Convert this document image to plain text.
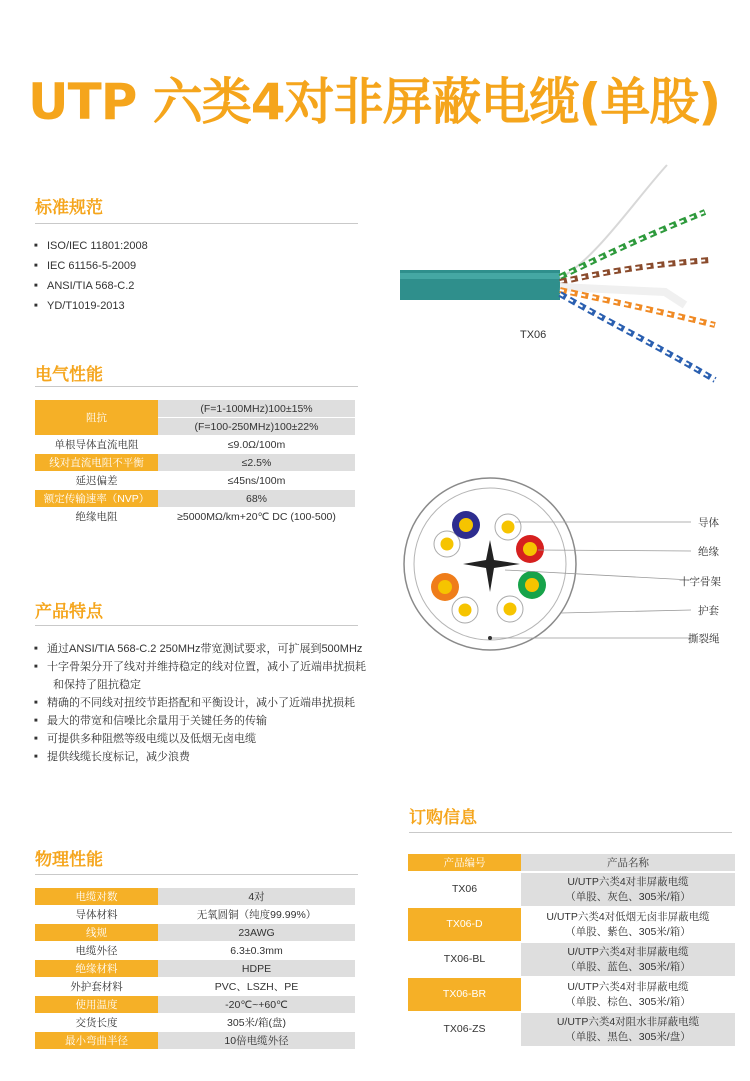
UTP 六类4对非屏蔽电缆(单股)
标准规范
■ ISO/IEC 11801:2008
■ IEC 61156-5-2009
■ ANSI/TIA 568-C.2
■ YD/T1019-2013
TX06
电气性能
阻抗	(F=1-100MHz)100±15%
	(F=100-250MHz)100±22%
单根导体直流电阻	≤9.0Ω/100m
线对直流电阻不平衡	≤2.5%
延迟偏差	≤45ns/100m
额定传输速率（NVP）	68%
绝缘电阻	≥5000MΩ/km+20℃ DC (100-500)
导体
绝缘
十字骨架
护套
撕裂绳
产品特点
■ 通过ANSI/TIA 568-C.2 250MHz带宽测试要求，可扩展到500MHz
■ 十字骨架分开了线对并维持稳定的线对位置，减小了近端串扰损耗
和保持了阻抗稳定
■ 精确的不同线对扭绞节距搭配和平衡设计，减小了近端串扰损耗
■ 最大的带宽和信噪比余量用于关键任务的传输
■ 可提供多种阻燃等级电缆以及低烟无卤电缆
■ 提供线缆长度标记，减少浪费
物理性能
电缆对数	4对
导体材料	无氧圆铜（纯度99.99%）
线规	23AWG
电缆外径	6.3±0.3mm
绝缘材料	HDPE
外护套材料	PVC、LSZH、PE
使用温度	-20℃~+60℃
交货长度	305米/箱(盘)
最小弯曲半径	10倍电缆外径
订购信息
产品编号	产品名称
TX06	U/UTP六类4对非屏蔽电缆
（单股、灰色、305米/箱）
TX06-D	U/UTP六类4对低烟无卤非屏蔽电缆
（单股、紫色、305米/箱）
TX06-BL	U/UTP六类4对非屏蔽电缆
（单股、蓝色、305米/箱）
TX06-BR	U/UTP六类4对非屏蔽电缆
（单股、棕色、305米/箱）
TX06-ZS	U/UTP六类4对阻水非屏蔽电缆
（单股、黑色、305米/盘）
